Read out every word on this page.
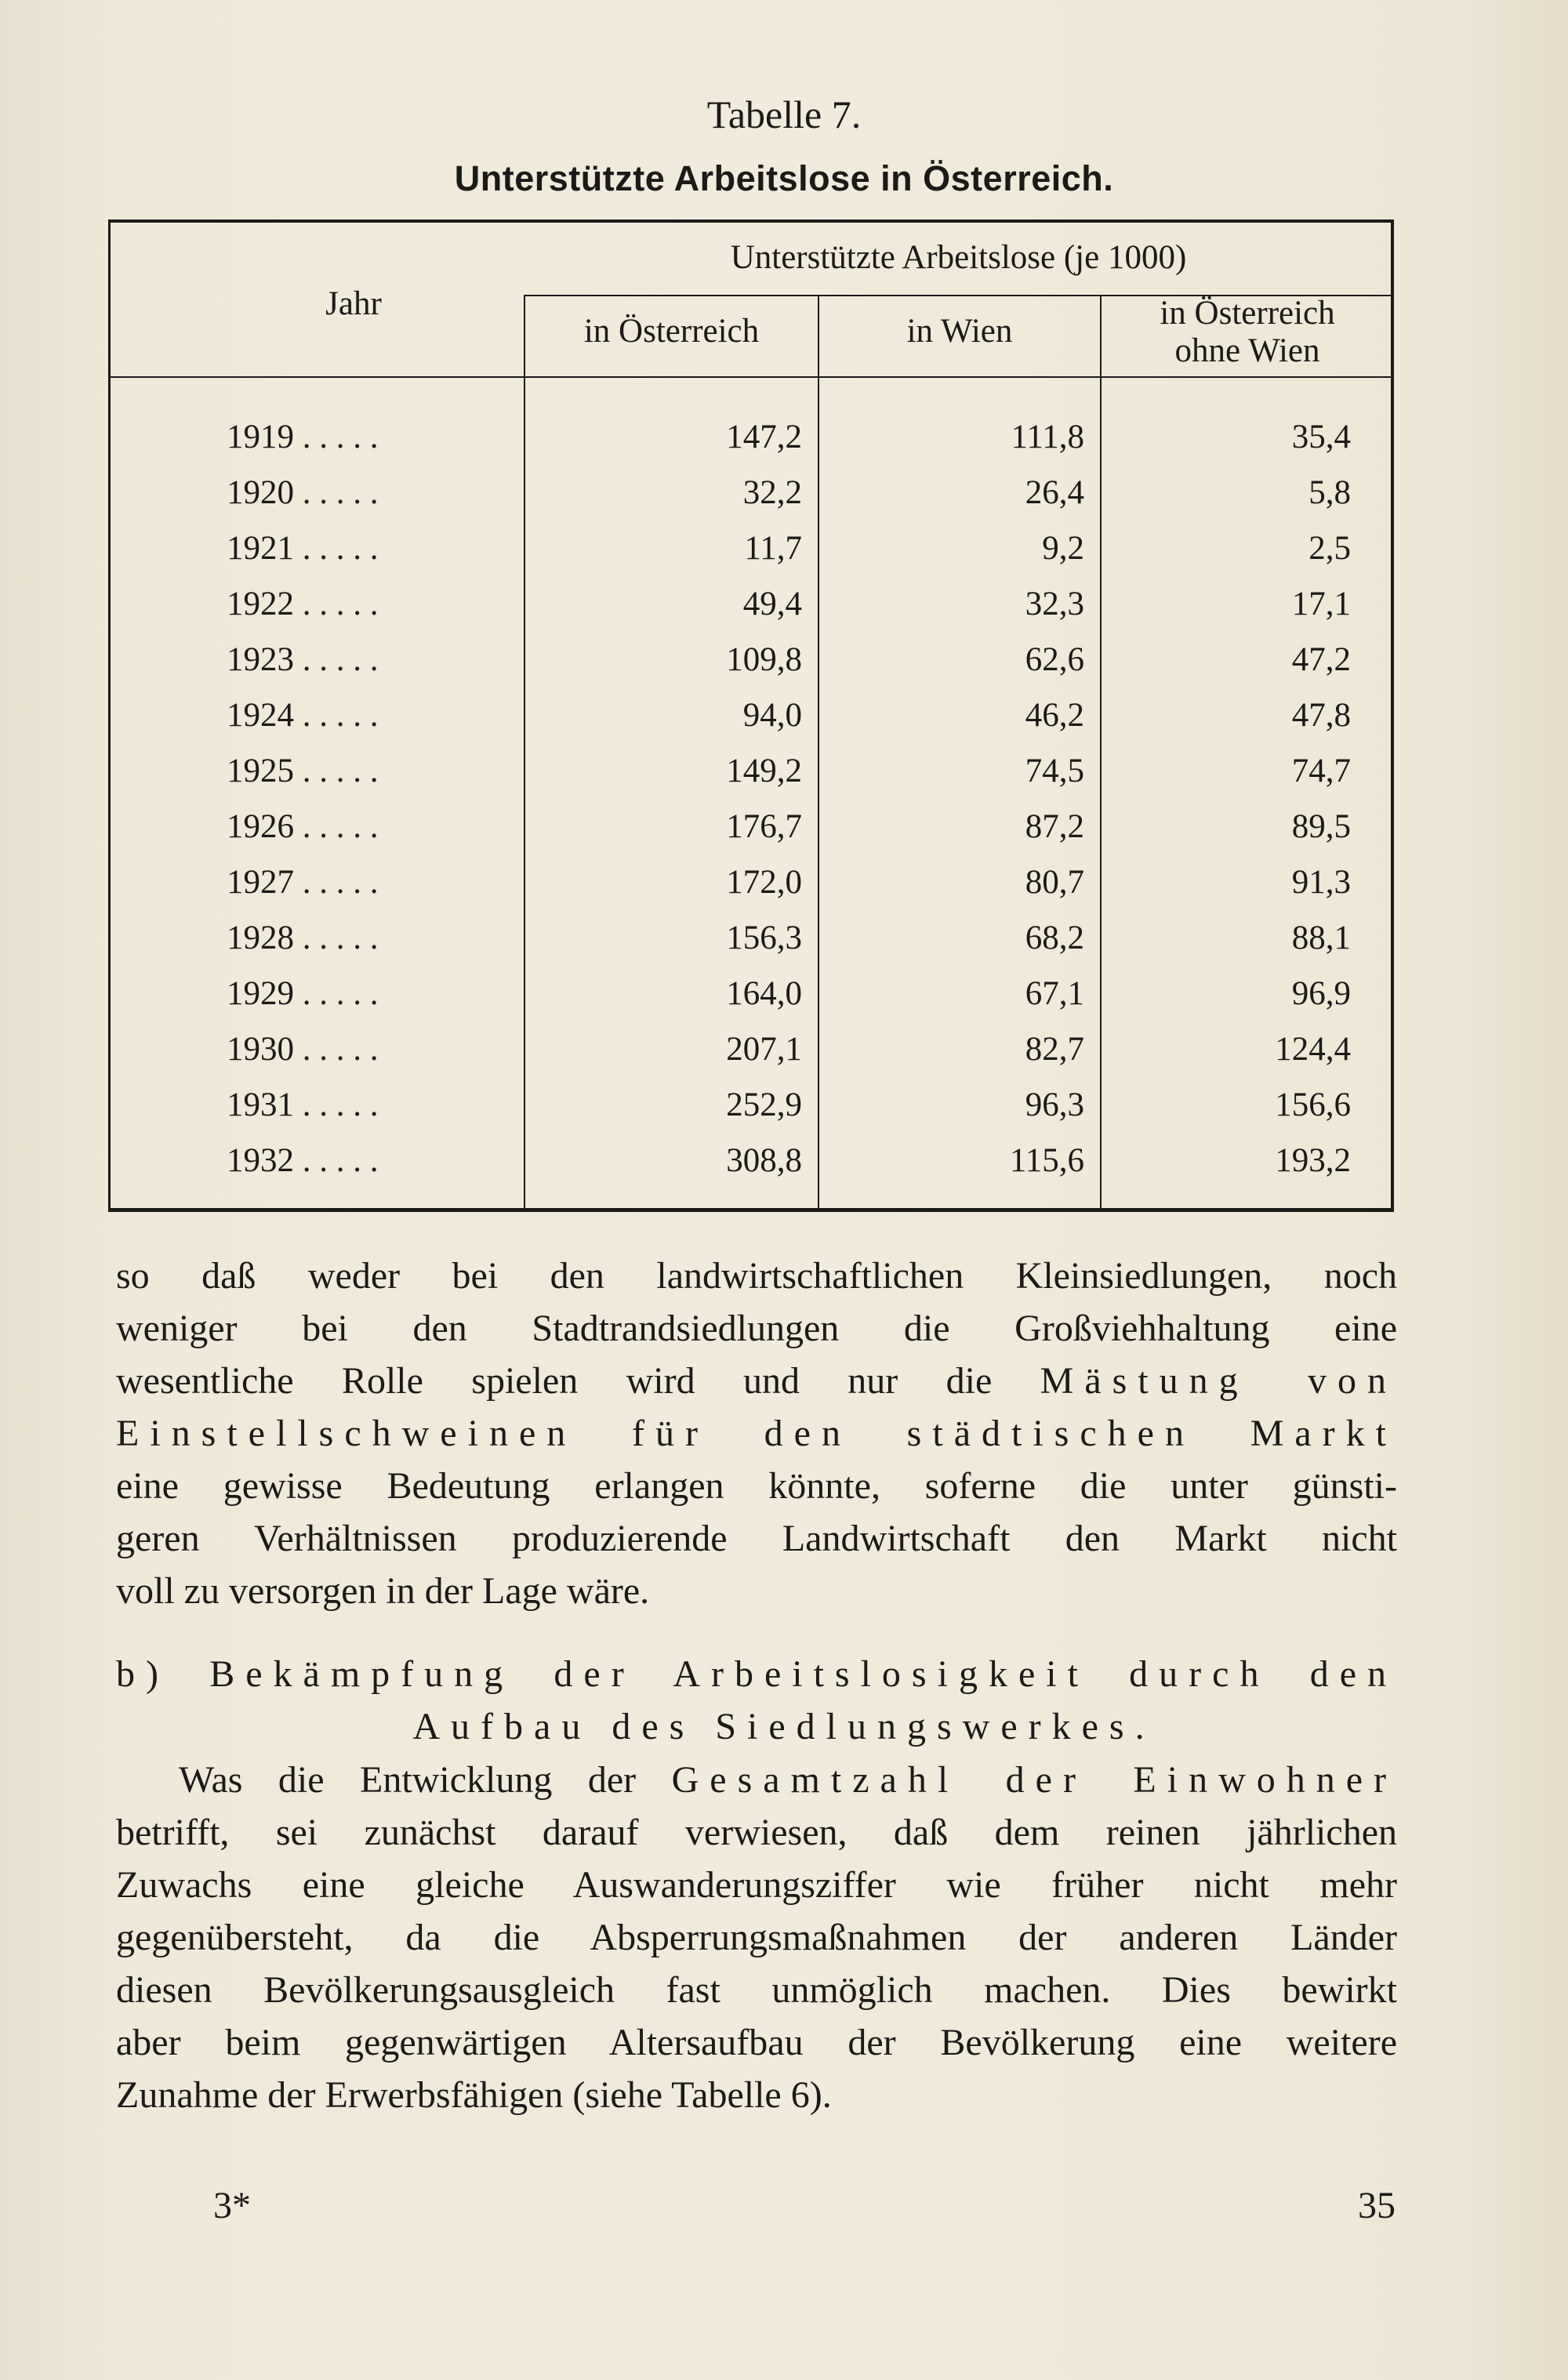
Tabelle 7.
Unterstützte Arbeitslose in Österreich.
Jahr
Unterstützte Arbeitslose (je 1000)
in Österreich	in Wien	in Österreich
ohne Wien
1919 . . . . .	147,2	111,8	35,4
1920 . . . . .	32,2	26,4	5,8
1921 . . . . .	11,7	9,2	2,5
1922 . . . . .	49,4	32,3	17,1
1923 . . . . .	109,8	62,6	47,2
1924 . . . . .	94,0	46,2	47,8
1925 . . . . .	149,2	74,5	74,7
1926 . . . . .	176,7	87,2	89,5
1927 . . . . .	172,0	80,7	91,3
1928 . . . . .	156,3	68,2	88,1
1929 . . . . .	164,0	67,1	96,9
1930 . . . . .	207,1	82,7	124,4
1931 . . . . .	252,9	96,3	156,6
1932 . . . . .	308,8	115,6	193,2
so daß weder bei den landwirtschaftlichen Kleinsiedlungen, noch
weniger bei den Stadtrandsiedlungen die Großviehhaltung eine
wesentliche Rolle spielen wird und nur die Mästung von
Einstellschweinen für den städtischen Markt
eine gewisse Bedeutung erlangen könnte, soferne die unter günsti-
geren Verhältnissen produzierende Landwirtschaft den Markt nicht
voll zu versorgen in der Lage wäre.
b) Bekämpfung der Arbeitslosigkeit durch den
Aufbau des Siedlungswerkes.
Was die Entwicklung der Gesamtzahl der Einwohner
betrifft, sei zunächst darauf verwiesen, daß dem reinen jährlichen
Zuwachs eine gleiche Auswanderungsziffer wie früher nicht mehr
gegenübersteht, da die Absperrungsmaßnahmen der anderen Länder
diesen Bevölkerungsausgleich fast unmöglich machen. Dies bewirkt
aber beim gegenwärtigen Altersaufbau der Bevölkerung eine weitere
Zunahme der Erwerbsfähigen (siehe Tabelle 6).
3*	35
